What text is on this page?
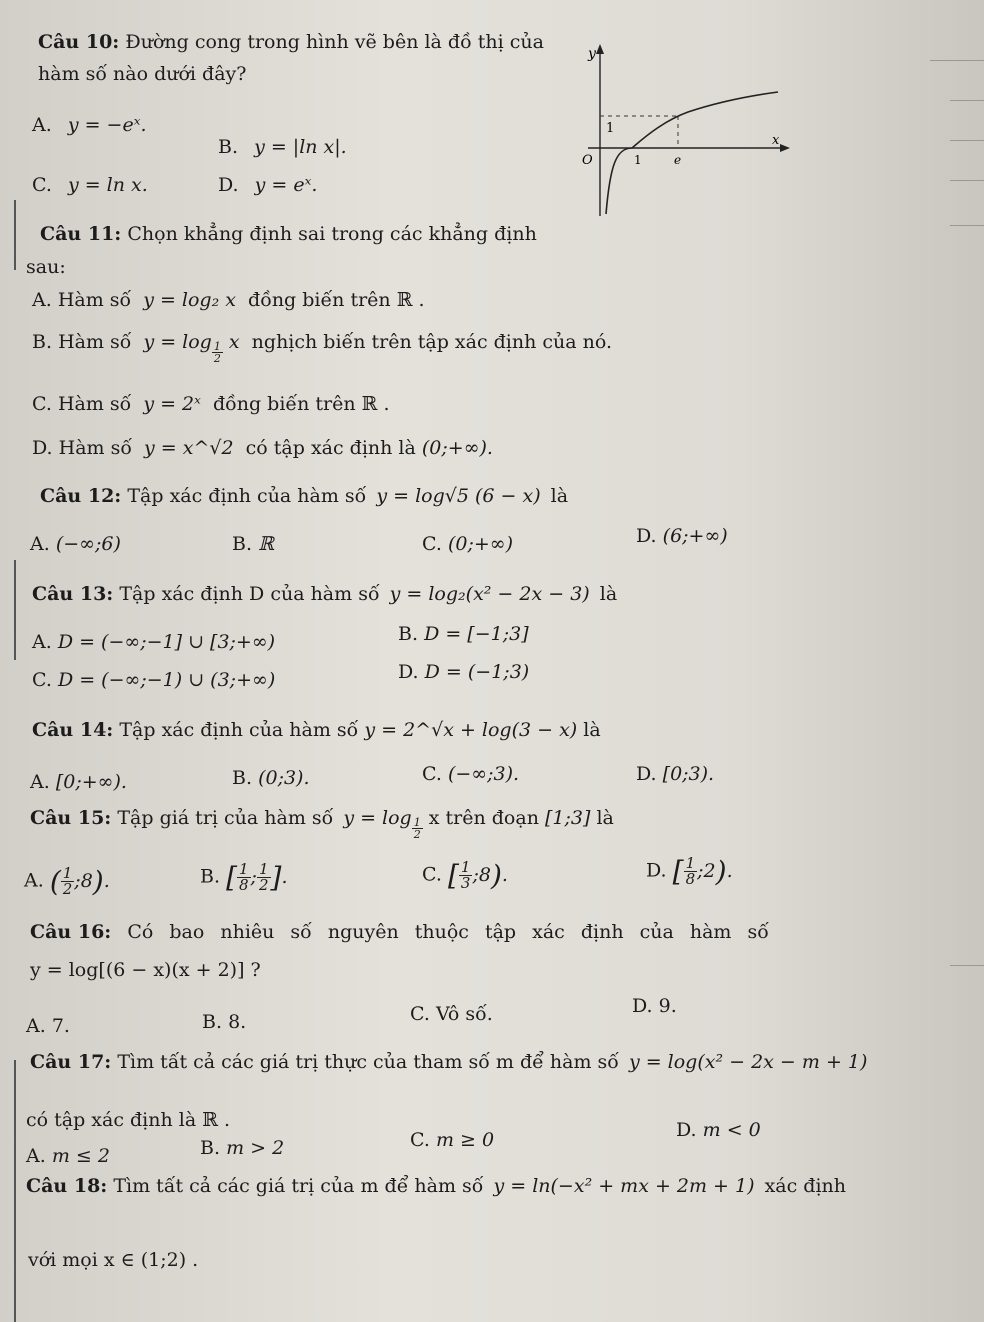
Câu 10: Đường cong trong hình vẽ bên là đồ thị của
hàm số nào dưới đây?
A. y = −eˣ.
B. y = |ln x|.
C. y = ln x.	D. y = eˣ.
y
x
O
1
1	e
Câu 11: Chọn khẳng định sai trong các khẳng định
sau:
A. Hàm số y = log₂ x đồng biến trên ℝ .
B. Hàm số $y = \log \frac{1}{2}$ x nghịch biến trên tập xác định của nó.
C. Hàm số y = 2ˣ đồng biến trên ℝ .
D. Hàm số y = x^√2 có tập xác định là (0;+∞).
Câu 12: Tập xác định của hàm số y = log√5 (6 − x) là
A. (−∞;6)	B. ℝ	C. (0;+∞)	D. (6;+∞)
Câu 13: Tập xác định D của hàm số y = log₂(x² − 2x − 3) là
A. D = (−∞;−1] ∪ [3;+∞)	B. D = [−1;3]
C. D = (−∞;−1) ∪ (3;+∞)	D. D = (−1;3)
Câu 14: Tập xác định của hàm số y = 2^√x + log(3 − x) là
A. [0;+∞).	B. (0;3).	C. (−∞;3).	D. [0;3).
Câu 15: Tập giá trị của hàm số $y = \log \frac{1}{2}$ x trên đoạn [1;3] là
A. ( $\frac{1}{2}$ ;8).	B. [ $\frac{1}{8}$ ; $\frac{1}{2}$ ].	C. [ $\frac{1}{3}$ ;8).	D. [ $\frac{1}{8}$ ;2).
Câu 16: Có bao nhiêu số nguyên thuộc tập xác định của hàm số
y = log[(6 − x)(x + 2)] ?
A. 7.	B. 8.	C. Vô số.	D. 9.
Câu 17: Tìm tất cả các giá trị thực của tham số m để hàm số y = log(x² − 2x − m + 1)
có tập xác định là ℝ .
A. m ≤ 2	B. m > 2	C. m ≥ 0	D. m < 0
Câu 18: Tìm tất cả các giá trị của m để hàm số y = ln(−x² + mx + 2m + 1) xác định
với mọi x ∈ (1;2) .
